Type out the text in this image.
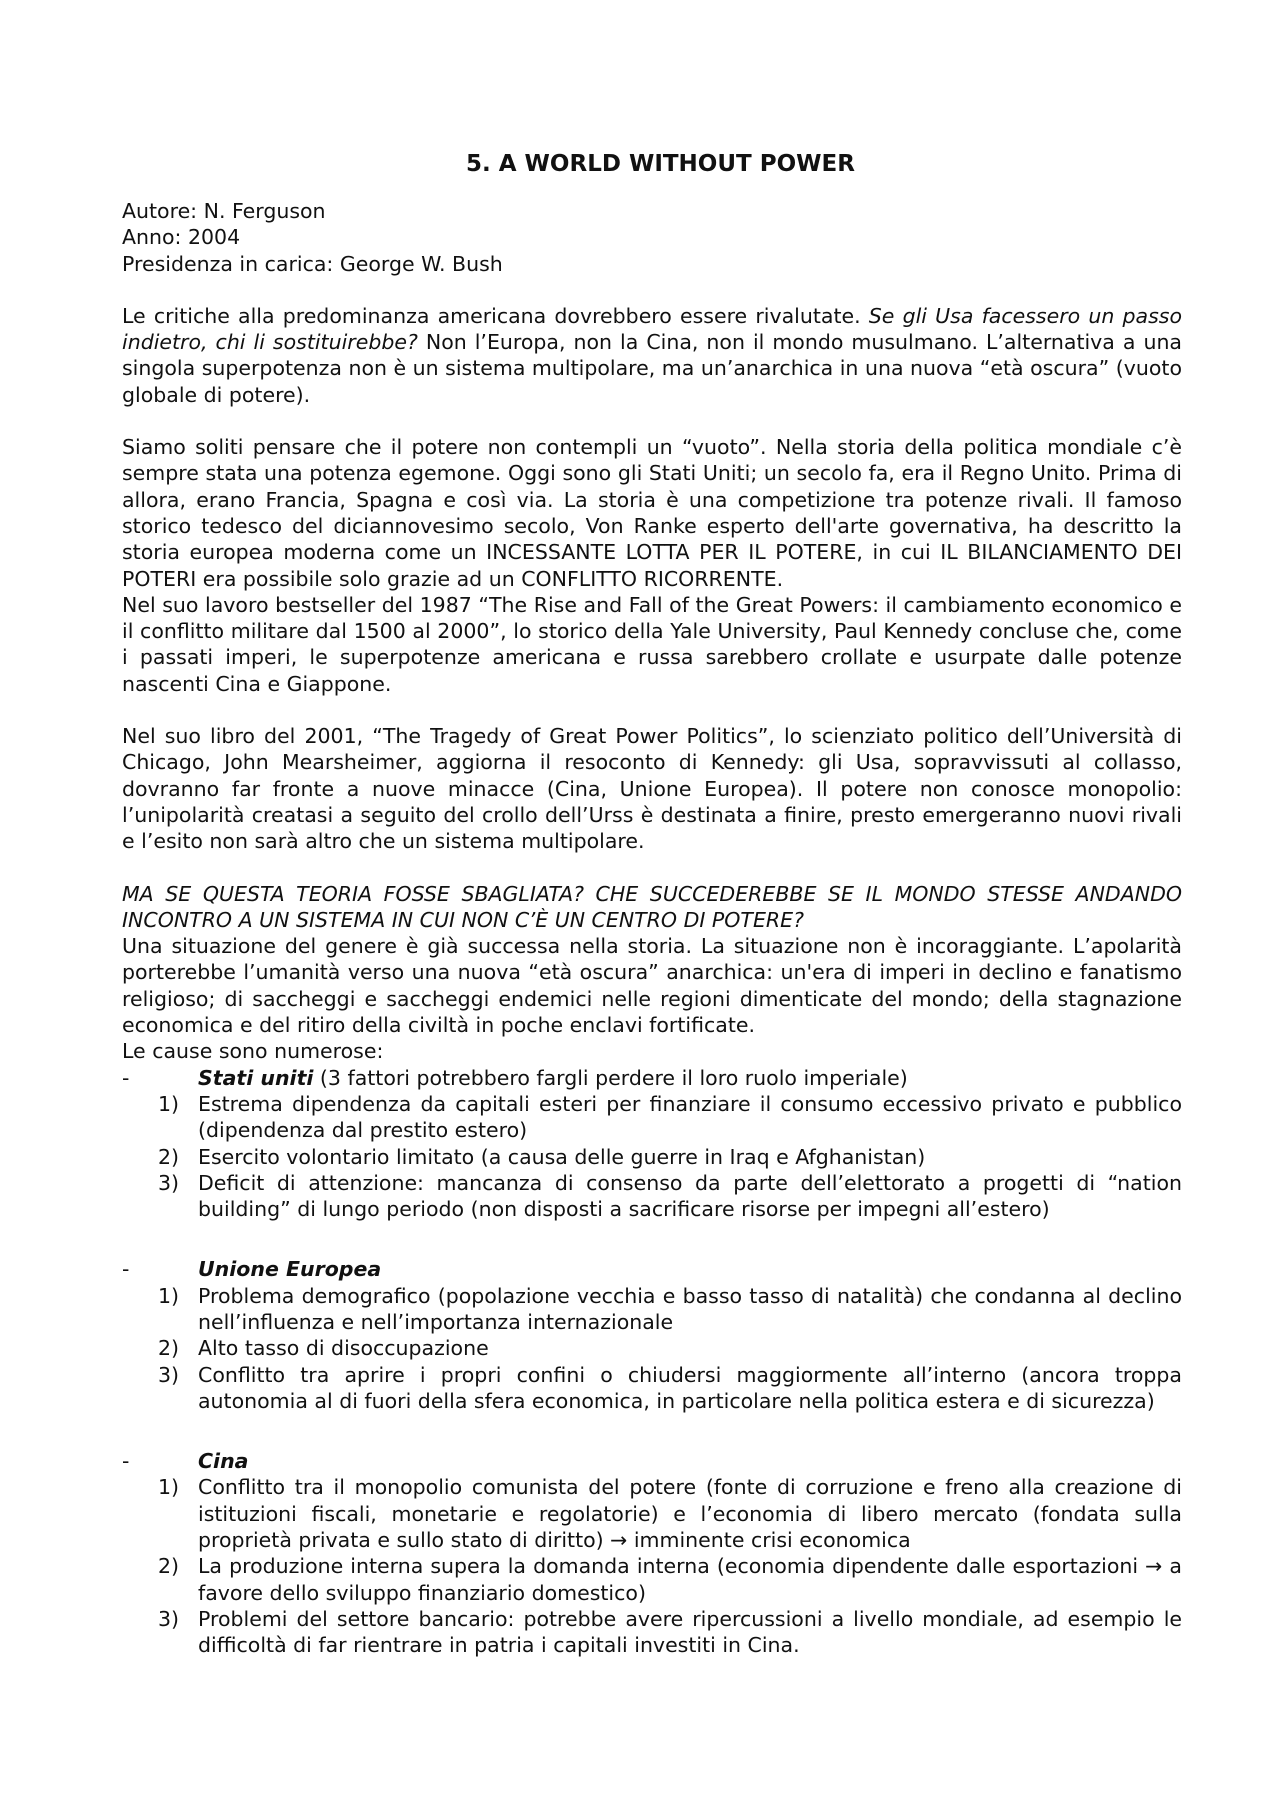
5. A WORLD WITHOUT POWER
Autore: N. Ferguson
Anno: 2004
Presidenza in carica: George W. Bush

Le critiche alla predominanza americana dovrebbero essere rivalutate. Se gli Usa facessero un passo indietro, chi li sostituirebbe? Non l’Europa, non la Cina, non il mondo musulmano. L’alternativa a una singola superpotenza non è un sistema multipolare, ma un’anarchica in una nuova “età oscura” (vuoto globale di potere).

Siamo soliti pensare che il potere non contempli un “vuoto”. Nella storia della politica mondiale c’è sempre stata una potenza egemone. Oggi sono gli Stati Uniti; un secolo fa, era il Regno Unito. Prima di allora, erano Francia, Spagna e così via. La storia è una competizione tra potenze rivali. Il famoso storico tedesco del diciannovesimo secolo, Von Ranke esperto dell'arte governativa, ha descritto la storia europea moderna come un INCESSANTE LOTTA PER IL POTERE, in cui IL BILANCIAMENTO DEI POTERI era possibile solo grazie ad un CONFLITTO RICORRENTE.

Nel suo lavoro bestseller del 1987 “The Rise and Fall of the Great Powers: il cambiamento economico e il conflitto militare dal 1500 al 2000”, lo storico della Yale University, Paul Kennedy concluse che, come i passati imperi, le superpotenze americana e russa sarebbero crollate e usurpate dalle potenze nascenti Cina e Giappone.

Nel suo libro del 2001, “The Tragedy of Great Power Politics”, lo scienziato politico dell’Università di Chicago, John Mearsheimer, aggiorna il resoconto di Kennedy: gli Usa, sopravvissuti al collasso, dovranno far fronte a nuove minacce (Cina, Unione Europea). Il potere non conosce monopolio: l’unipolarità creatasi a seguito del crollo dell’Urss è destinata a finire, presto emergeranno nuovi rivali e l’esito non sarà altro che un sistema multipolare.

MA SE QUESTA TEORIA FOSSE SBAGLIATA? CHE SUCCEDEREBBE SE IL MONDO STESSE ANDANDO INCONTRO A UN SISTEMA IN CUI NON C’È UN CENTRO DI POTERE?

Una situazione del genere è già successa nella storia. La situazione non è incoraggiante. L’apolarità porterebbe l’umanità verso una nuova “età oscura” anarchica: un'era di imperi in declino e fanatismo religioso; di saccheggi e saccheggi endemici nelle regioni dimenticate del mondo; della stagnazione economica e del ritiro della civiltà in poche enclavi fortificate.

Le cause sono numerose:

-	Stati uniti (3 fattori potrebbero fargli perdere il loro ruolo imperiale)
1) Estrema dipendenza da capitali esteri per finanziare il consumo eccessivo privato e pubblico (dipendenza dal prestito estero)
2) Esercito volontario limitato (a causa delle guerre in Iraq e Afghanistan)
3) Deficit di attenzione: mancanza di consenso da parte dell’elettorato a progetti di “nation building” di lungo periodo (non disposti a sacrificare risorse per impegni all’estero)
-	Unione Europea
1) Problema demografico (popolazione vecchia e basso tasso di natalità) che condanna al declino nell’influenza e nell’importanza internazionale
2) Alto tasso di disoccupazione
3) Conflitto tra aprire i propri confini o chiudersi maggiormente all’interno (ancora troppa autonomia al di fuori della sfera economica, in particolare nella politica estera e di sicurezza)
-	Cina
1) Conflitto tra il monopolio comunista del potere (fonte di corruzione e freno alla creazione di istituzioni fiscali, monetarie e regolatorie) e l’economia di libero mercato (fondata sulla proprietà privata e sullo stato di diritto) → imminente crisi economica
2) La produzione interna supera la domanda interna (economia dipendente dalle esportazioni → a favore dello sviluppo finanziario domestico)
3) Problemi del settore bancario: potrebbe avere ripercussioni a livello mondiale, ad esempio le difficoltà di far rientrare in patria i capitali investiti in Cina.
